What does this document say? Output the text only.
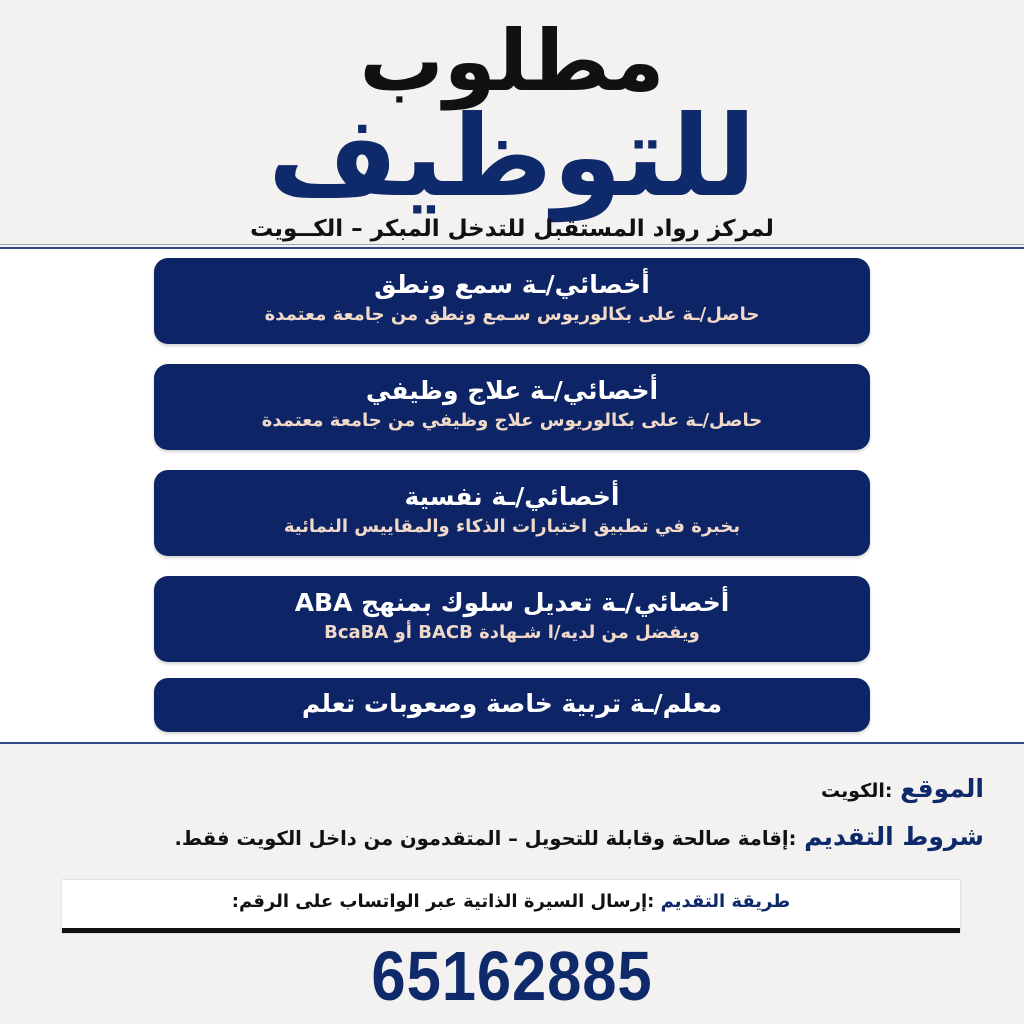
مطلوب
للتوظيف
لمركز رواد المستقبل للتدخل المبكر – الكــويت
أخصائي/ـة سمع ونطق
حاصل/ـة على بكالوريوس سـمع ونطق من جامعة معتمدة
أخصائي/ـة علاج وظيفي
حاصل/ـة على بكالوريوس علاج وظيفي من جامعة معتمدة
أخصائي/ـة نفسية
بخبرة في تطبيق اختبارات الذكاء والمقاييس النمائية
أخصائي/ـة تعديل سلوك بمنهج ABA
ويفضل من لديه/ا شـهادة BACB أو BcaBA
معلم/ـة تربية خاصة وصعوبات تعلم
الموقع :الكويت
شروط التقديم :إقامة صالحة وقابلة للتحويل – المتقدمون من داخل الكويت فقط.
طريقة التقديم :إرسال السيرة الذاتية عبر الواتساب على الرقم:
65162885
